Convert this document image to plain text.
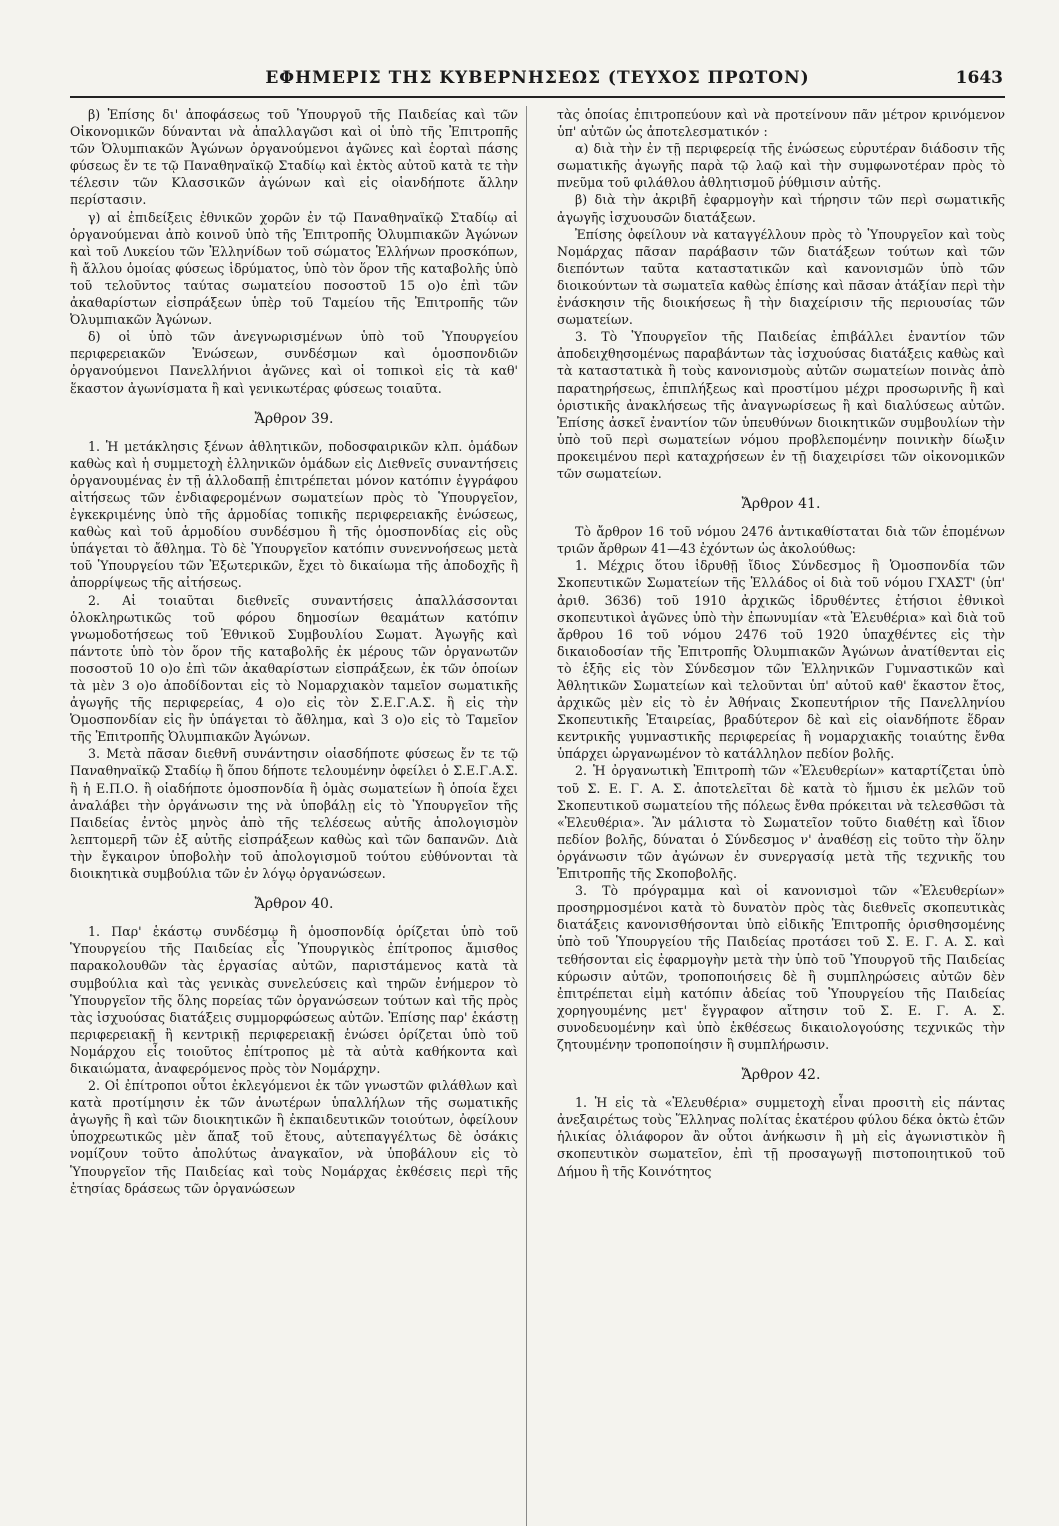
ΕΦΗΜΕΡΙΣ ΤΗΣ ΚΥΒΕΡΝΗΣΕΩΣ (ΤΕΥΧΟΣ ΠΡΩΤΟΝ)	1643

β) Ἐπίσης δι' ἀποφάσεως τοῦ Ὑπουργοῦ τῆς Παιδείας καὶ τῶν Οἰκονομικῶν δύνανται νὰ ἀπαλλαγῶσι καὶ οἱ ὑπὸ τῆς Ἐπιτροπῆς τῶν Ὀλυμπιακῶν Ἀγώνων ὀργανούμενοι ἀγῶνες καὶ ἑορταὶ πάσης φύσεως ἔν τε τῷ Παναθηναϊκῷ Σταδίῳ καὶ ἐκτὸς αὐτοῦ κατὰ τε τὴν τέλεσιν τῶν Κλασσικῶν ἀγώνων καὶ εἰς οἱανδήποτε ἄλλην περίστασιν.

γ) αἱ ἐπιδείξεις ἐθνικῶν χορῶν ἐν τῷ Παναθηναϊκῷ Σταδίῳ αἱ ὀργανούμεναι ἀπὸ κοινοῦ ὑπὸ τῆς Ἐπιτροπῆς Ὀλυμπιακῶν Ἀγώνων καὶ τοῦ Λυκείου τῶν Ἑλληνίδων τοῦ σώματος Ἑλλήνων προσκόπων, ἢ ἄλλου ὁμοίας φύσεως ἱδρύματος, ὑπὸ τὸν ὅρον τῆς καταβολῆς ὑπὸ τοῦ τελοῦντος ταύτας σωματείου ποσοστοῦ 15 ο)ο ἐπὶ τῶν ἀκαθαρίστων εἰσπράξεων ὑπὲρ τοῦ Ταμείου τῆς Ἐπιτροπῆς τῶν Ὀλυμπιακῶν Ἀγώνων.

δ) οἱ ὑπὸ τῶν ἀνεγνωρισμένων ὑπὸ τοῦ Ὑπουργείου περιφερειακῶν Ἑνώσεων, συνδέσμων καὶ ὁμοσπονδιῶν ὀργανούμενοι Πανελλήνιοι ἀγῶνες καὶ οἱ τοπικοὶ εἰς τὰ καθ' ἕκαστον ἀγωνίσματα ἢ καὶ γενικωτέρας φύσεως τοιαῦτα.

Ἄρθρον 39.

1. Ἡ μετάκλησις ξένων ἀθλητικῶν, ποδοσφαιρικῶν κλπ. ὁμάδων καθὼς καὶ ἡ συμμετοχὴ ἑλληνικῶν ὁμάδων εἰς Διεθνεῖς συναντήσεις ὀργανουμένας ἐν τῇ ἀλλοδαπῇ ἐπιτρέπεται μόνον κατόπιν ἐγγράφου αἰτήσεως τῶν ἐνδιαφερομένων σωματείων πρὸς τὸ Ὑπουργεῖον, ἐγκεκριμένης ὑπὸ τῆς ἁρμοδίας τοπικῆς περιφερειακῆς ἑνώσεως, καθὼς καὶ τοῦ ἁρμοδίου συνδέσμου ἢ τῆς ὁμοσπονδίας εἰς οὓς ὑπάγεται τὸ ἄθλημα. Τὸ δὲ Ὑπουργεῖον κατόπιν συνεννοήσεως μετὰ τοῦ Ὑπουργείου τῶν Ἐξωτερικῶν, ἔχει τὸ δικαίωμα τῆς ἀποδοχῆς ἢ ἀπορρίψεως τῆς αἰτήσεως.

2. Αἱ τοιαῦται διεθνεῖς συναντήσεις ἀπαλλάσσονται ὁλοκληρωτικῶς τοῦ φόρου δημοσίων θεαμάτων κατόπιν γνωμοδοτήσεως τοῦ Ἐθνικοῦ Συμβουλίου Σωματ. Ἀγωγῆς καὶ πάντοτε ὑπὸ τὸν ὅρον τῆς καταβολῆς ἐκ μέρους τῶν ὀργανωτῶν ποσοστοῦ 10 ο)ο ἐπὶ τῶν ἀκαθαρίστων εἰσπράξεων, ἐκ τῶν ὁποίων τὰ μὲν 3 ο)ο ἀποδίδονται εἰς τὸ Νομαρχιακὸν ταμεῖον σωματικῆς ἀγωγῆς τῆς περιφερείας, 4 ο)ο εἰς τὸν Σ.Ε.Γ.Α.Σ. ἢ εἰς τὴν Ὁμοσπονδίαν εἰς ἣν ὑπάγεται τὸ ἄθλημα, καὶ 3 ο)ο εἰς τὸ Ταμεῖον τῆς Ἐπιτροπῆς Ὀλυμπιακῶν Ἀγώνων.

3. Μετὰ πᾶσαν διεθνῆ συνάντησιν οἱασδήποτε φύσεως ἔν τε τῷ Παναθηναϊκῷ Σταδίῳ ἢ ὅπου δήποτε τελουμένην ὀφείλει ὁ Σ.Ε.Γ.Α.Σ. ἢ ἡ Ε.Π.Ο. ἢ οἱαδήποτε ὁμοσπονδία ἢ ὁμὰς σωματείων ἢ ὁποία ἔχει ἀναλάβει τὴν ὀργάνωσιν της νὰ ὑποβάλῃ εἰς τὸ Ὑπουργεῖον τῆς Παιδείας ἐντὸς μηνὸς ἀπὸ τῆς τελέσεως αὐτῆς ἀπολογισμὸν λεπτομερῆ τῶν ἐξ αὐτῆς εἰσπράξεων καθὼς καὶ τῶν δαπανῶν. Διὰ τὴν ἔγκαιρον ὑποβολὴν τοῦ ἀπολογισμοῦ τούτου εὐθύνονται τὰ διοικητικὰ συμβούλια τῶν ἐν λόγῳ ὀργανώσεων.

Ἄρθρον 40.

1. Παρ' ἑκάστῳ συνδέσμῳ ἢ ὁμοσπονδίᾳ ὁρίζεται ὑπὸ τοῦ Ὑπουργείου τῆς Παιδείας εἷς Ὑπουργικὸς ἐπίτροπος ἄμισθος παρακολουθῶν τὰς ἐργασίας αὐτῶν, παριστάμενος κατὰ τὰ συμβούλια καὶ τὰς γενικὰς συνελεύσεις καὶ τηρῶν ἐνήμερον τὸ Ὑπουργεῖον τῆς ὅλης πορείας τῶν ὀργανώσεων τούτων καὶ τῆς πρὸς τὰς ἰσχυούσας διατάξεις συμμορφώσεως αὐτῶν. Ἐπίσης παρ' ἑκάστῃ περιφερειακῇ ἢ κεντρικῇ περιφερειακῇ ἑνώσει ὁρίζεται ὑπὸ τοῦ Νομάρχου εἷς τοιοῦτος ἐπίτροπος μὲ τὰ αὐτὰ καθήκοντα καὶ δικαιώματα, ἀναφερόμενος πρὸς τὸν Νομάρχην.

2. Οἱ ἐπίτροποι οὗτοι ἐκλεγόμενοι ἐκ τῶν γνωστῶν φιλάθλων καὶ κατὰ προτίμησιν ἐκ τῶν ἀνωτέρων ὑπαλλήλων τῆς σωματικῆς ἀγωγῆς ἢ καὶ τῶν διοικητικῶν ἢ ἐκπαιδευτικῶν τοιούτων, ὀφείλουν ὑποχρεωτικῶς μὲν ἅπαξ τοῦ ἔτους, αὐτεπαγγέλτως δὲ ὁσάκις νομίζουν τοῦτο ἀπολύτως ἀναγκαῖον, νὰ ὑποβάλουν εἰς τὸ Ὑπουργεῖον τῆς Παιδείας καὶ τοὺς Νομάρχας ἐκθέσεις περὶ τῆς ἐτησίας δράσεως τῶν ὀργανώσεων

τὰς ὁποίας ἐπιτροπεύουν καὶ νὰ προτείνουν πᾶν μέτρον κρινόμενον ὑπ' αὐτῶν ὡς ἀποτελεσματικόν :

α) διὰ τὴν ἐν τῇ περιφερείᾳ τῆς ἑνώσεως εὐρυτέραν διάδοσιν τῆς σωματικῆς ἀγωγῆς παρὰ τῷ λαῷ καὶ τὴν συμφωνοτέραν πρὸς τὸ πνεῦμα τοῦ φιλάθλου ἀθλητισμοῦ ῥύθμισιν αὐτῆς.

β) διὰ τὴν ἀκριβῆ ἐφαρμογὴν καὶ τήρησιν τῶν περὶ σωματικῆς ἀγωγῆς ἰσχυουσῶν διατάξεων.

Ἐπίσης ὀφείλουν νὰ καταγγέλλουν πρὸς τὸ Ὑπουργεῖον καὶ τοὺς Νομάρχας πᾶσαν παράβασιν τῶν διατάξεων τούτων καὶ τῶν διεπόντων ταῦτα καταστατικῶν καὶ κανονισμῶν ὑπὸ τῶν διοικούντων τὰ σωματεῖα καθὼς ἐπίσης καὶ πᾶσαν ἀτάξίαν περὶ τὴν ἐνάσκησιν τῆς διοικήσεως ἢ τὴν διαχείρισιν τῆς περιουσίας τῶν σωματείων.

3. Τὸ Ὑπουργεῖον τῆς Παιδείας ἐπιβάλλει ἐναντίον τῶν ἀποδειχθησομένως παραβάντων τὰς ἰσχυούσας διατάξεις καθὼς καὶ τὰ καταστατικὰ ἢ τοὺς κανονισμοὺς αὐτῶν σωματείων ποινὰς ἀπὸ παρατηρήσεως, ἐπιπλήξεως καὶ προστίμου μέχρι προσωρινῆς ἢ καὶ ὁριστικῆς ἀνακλήσεως τῆς ἀναγνωρίσεως ἢ καὶ διαλύσεως αὐτῶν. Ἐπίσης ἀσκεῖ ἐναντίον τῶν ὑπευθύνων διοικητικῶν συμβουλίων τὴν ὑπὸ τοῦ περὶ σωματείων νόμου προβλεπομένην ποινικὴν δίωξιν προκειμένου περὶ καταχρήσεων ἐν τῇ διαχειρίσει τῶν οἰκονομικῶν τῶν σωματείων.

Ἄρθρον 41.

Τὸ ἄρθρον 16 τοῦ νόμου 2476 ἀντικαθίσταται διὰ τῶν ἑπομένων τριῶν ἄρθρων 41—43 ἐχόντων ὡς ἀκολούθως:

1. Μέχρις ὅτου ἱδρυθῇ ἴδιος Σύνδεσμος ἢ Ὁμοσπονδία τῶν Σκοπευτικῶν Σωματείων τῆς Ἑλλάδος οἱ διὰ τοῦ νόμου ΓΧΑΣΤ' (ὑπ' ἀριθ. 3636) τοῦ 1910 ἀρχικῶς ἱδρυθέντες ἐτήσιοι ἐθνικοὶ σκοπευτικοὶ ἀγῶνες ὑπὸ τὴν ἐπωνυμίαν «τὰ Ἐλευθέρια» καὶ διὰ τοῦ ἄρθρου 16 τοῦ νόμου 2476 τοῦ 1920 ὑπαχθέντες εἰς τὴν δικαιοδοσίαν τῆς Ἐπιτροπῆς Ὀλυμπιακῶν Ἀγώνων ἀνατίθενται εἰς τὸ ἑξῆς εἰς τὸν Σύνδεσμον τῶν Ἑλληνικῶν Γυμναστικῶν καὶ Ἀθλητικῶν Σωματείων καὶ τελοῦνται ὑπ' αὐτοῦ καθ' ἕκαστον ἔτος, ἀρχικῶς μὲν εἰς τὸ ἐν Ἀθήναις Σκοπευτήριον τῆς Πανελληνίου Σκοπευτικῆς Ἑταιρείας, βραδύτερον δὲ καὶ εἰς οἱανδήποτε ἕδραν κεντρικῆς γυμναστικῆς περιφερείας ἢ νομαρχιακῆς τοιαύτης ἔνθα ὑπάρχει ὡργανωμένον τὸ κατάλληλον πεδίον βολῆς.

2. Ἡ ὀργανωτικὴ Ἐπιτροπὴ τῶν «Ἐλευθερίων» καταρτίζεται ὑπὸ τοῦ Σ. Ε. Γ. Α. Σ. ἀποτελεῖται δὲ κατὰ τὸ ἥμισυ ἐκ μελῶν τοῦ Σκοπευτικοῦ σωματείου τῆς πόλεως ἔνθα πρόκειται νὰ τελεσθῶσι τὰ «Ἐλευθέρια». Ἂν μάλιστα τὸ Σωματεῖον τοῦτο διαθέτῃ καὶ ἴδιον πεδίον βολῆς, δύναται ὁ Σύνδεσμος ν' ἀναθέσῃ εἰς τοῦτο τὴν ὅλην ὀργάνωσιν τῶν ἀγώνων ἐν συνεργασίᾳ μετὰ τῆς τεχνικῆς του Ἐπιτροπῆς τῆς Σκοποβολῆς.

3. Τὸ πρόγραμμα καὶ οἱ κανονισμοὶ τῶν «Ἐλευθερίων» προσηρμοσμένοι κατὰ τὸ δυνατὸν πρὸς τὰς διεθνεῖς σκοπευτικὰς διατάξεις κανονισθήσονται ὑπὸ εἰδικῆς Ἐπιτροπῆς ὁρισθησομένης ὑπὸ τοῦ Ὑπουργείου τῆς Παιδείας προτάσει τοῦ Σ. Ε. Γ. Α. Σ. καὶ τεθήσονται εἰς ἐφαρμογὴν μετὰ τὴν ὑπὸ τοῦ Ὑπουργοῦ τῆς Παιδείας κύρωσιν αὐτῶν, τροποποιήσεις δὲ ἢ συμπληρώσεις αὐτῶν δὲν ἐπιτρέπεται εἰμὴ κατόπιν ἀδείας τοῦ Ὑπουργείου τῆς Παιδείας χορηγουμένης μετ' ἔγγραφον αἴτησιν τοῦ Σ. Ε. Γ. Α. Σ. συνοδευομένην καὶ ὑπὸ ἐκθέσεως δικαιολογούσης τεχνικῶς τὴν ζητουμένην τροποποίησιν ἢ συμπλήρωσιν.

Ἄρθρον 42.

1. Ἡ εἰς τὰ «Ἐλευθέρια» συμμετοχὴ εἶναι προσιτὴ εἰς πάντας ἀνεξαιρέτως τοὺς Ἕλληνας πολίτας ἑκατέρου φύλου δέκα ὀκτὼ ἐτῶν ἡλικίας ὁλιάφορον ἂν οὗτοι ἀνήκωσιν ἢ μὴ εἰς ἀγωνιστικὸν ἢ σκοπευτικὸν σωματεῖον, ἐπὶ τῇ προσαγωγῇ πιστοποιητικοῦ τοῦ Δήμου ἢ τῆς Κοινότητος
